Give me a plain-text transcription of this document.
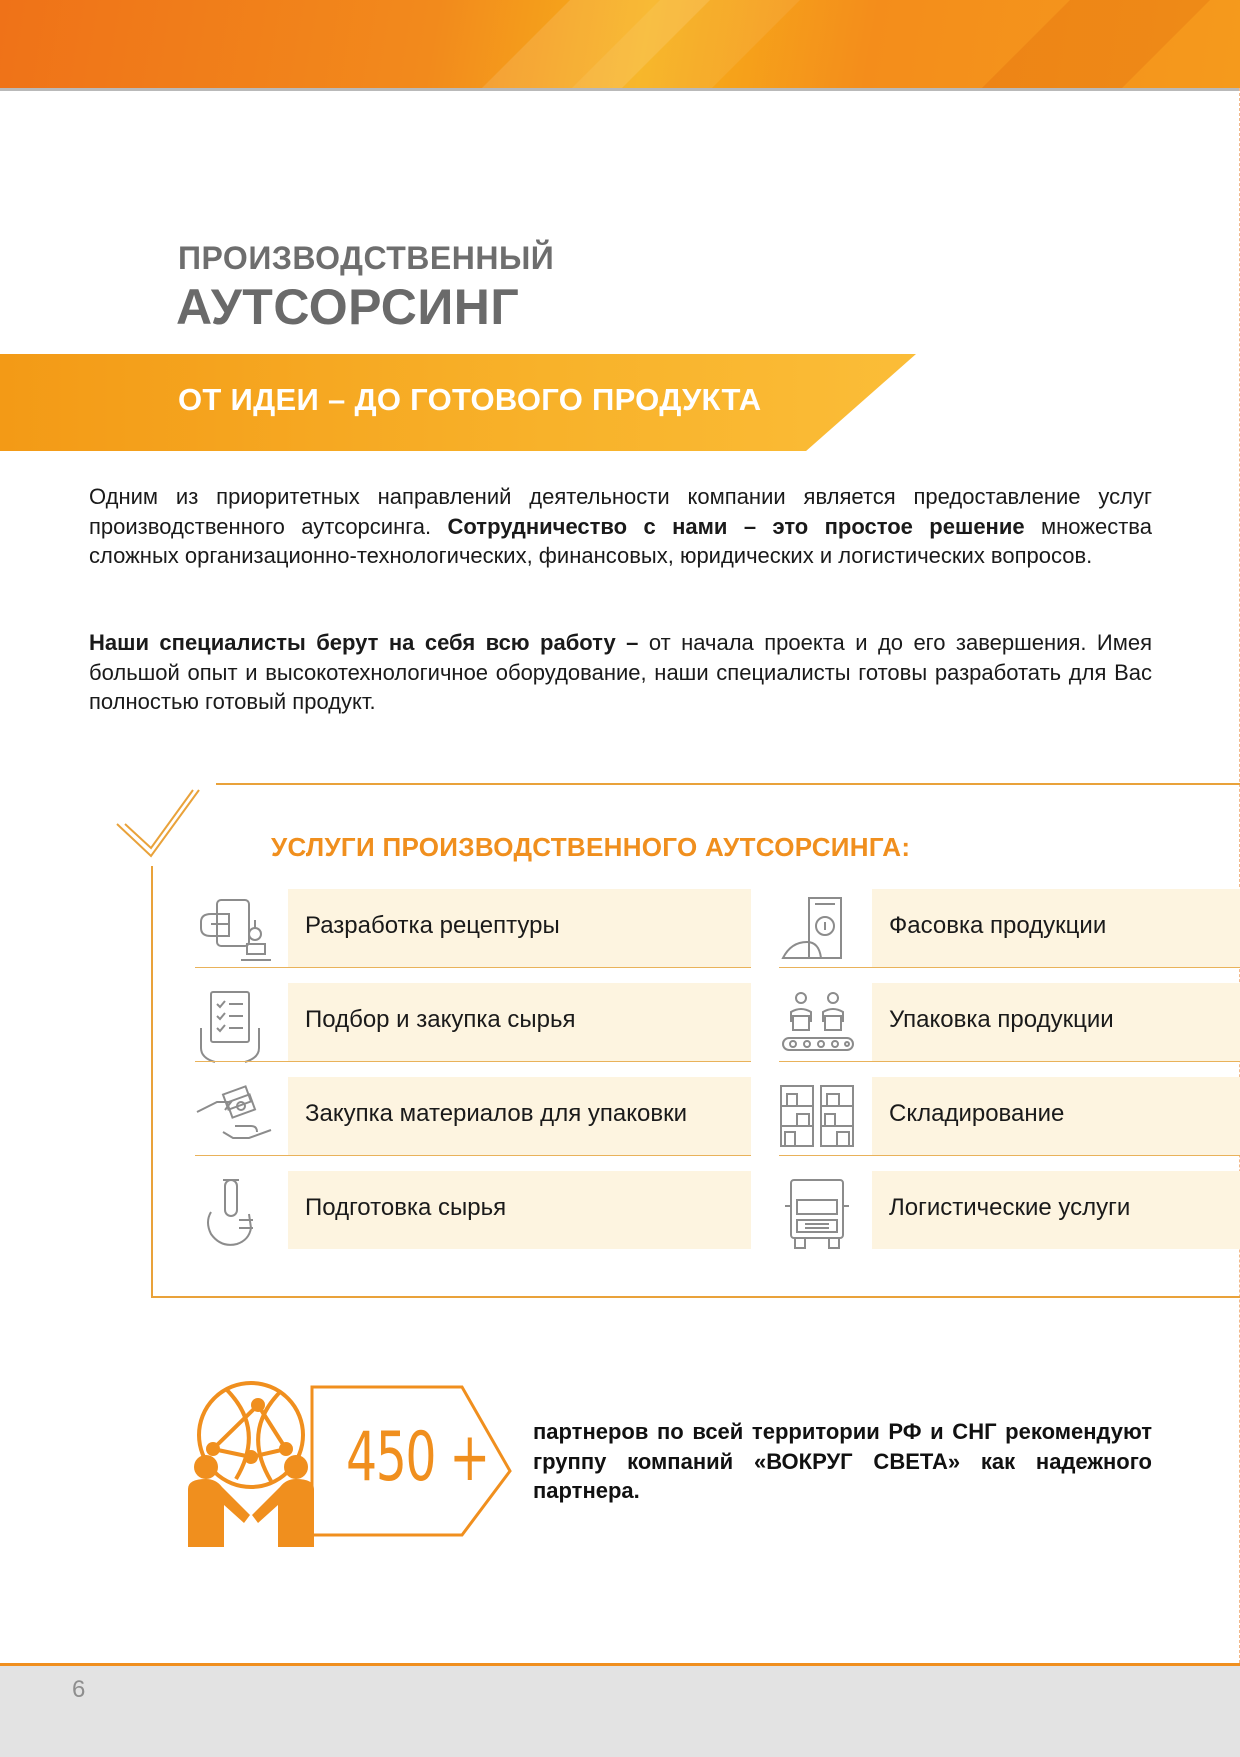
ПРОИЗВОДСТВЕННЫЙ
АУТСОРСИНГ
ОТ ИДЕИ – ДО ГОТОВОГО ПРОДУКТА
Одним из приоритетных направлений деятельности компании является предоставление услуг производственного аутсорсинга. Сотрудничество с нами – это простое решение множества сложных организационно-технологических, финансовых, юридических и логистических вопросов.
Наши специалисты берут на себя всю работу – от начала проекта и до его завершения. Имея большой опыт и высокотехнологичное оборудование, наши специалисты готовы разработать для Вас полностью готовый продукт.
УСЛУГИ ПРОИЗВОДСТВЕННОГО АУТСОРСИНГА:
Разработка рецептуры
Подбор и закупка сырья
Закупка материалов для упаковки
Подготовка сырья
Фасовка продукции
Упаковка продукции
Складирование
Логистические услуги
450 + партнеров по всей территории РФ и СНГ рекомендуют группу компаний «ВОКРУГ СВЕТА» как надежного партнера.
6
